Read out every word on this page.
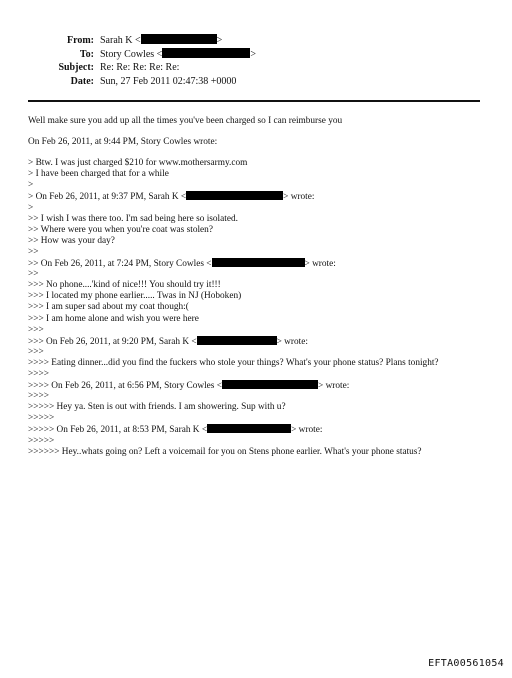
From: Sarah K <	>
To: Story Cowles <	>
Subject: Re: Re: Re: Re: Re:
Date: Sun, 27 Feb 2011 02:47:38 +0000
Well make sure you add up all the times you've been charged so I can reimburse you
On Feb 26, 2011, at 9:44 PM, Story Cowles wrote:
> Btw. I was just charged $210 for www.mothersarmy.com
> I have been charged that for a while
>
> On Feb 26, 2011, at 9:37 PM, Sarah K <	> wrote:
>
>> I wish I was there too. I'm sad being here so isolated.
>> Where were you when you're coat was stolen?
>> How was your day?
>>
>> On Feb 26, 2011, at 7:24 PM, Story Cowles <	> wrote:
>>
>>> No phone....'kind of nice!!! You should try it!!!
>>> I located my phone earlier..... Twas in NJ (Hoboken)
>>> I am super sad about my coat though:(
>>> I am home alone and wish you were here
>>>
>>> On Feb 26, 2011, at 9:20 PM, Sarah K <	> wrote:
>>>
>>>> Eating dinner...did you find the fuckers who stole your things? What's your phone status? Plans tonight?
>>>>
>>>> On Feb 26, 2011, at 6:56 PM, Story Cowles <	> wrote:
>>>>
>>>>> Hey ya. Sten is out with friends. I am showering. Sup with u?
>>>>>
>>>>> On Feb 26, 2011, at 8:53 PM, Sarah K <	> wrote:
>>>>>
>>>>>> Hey..whats going on? Left a voicemail for you on Stens phone earlier. What's your phone status?
EFTA00561054
